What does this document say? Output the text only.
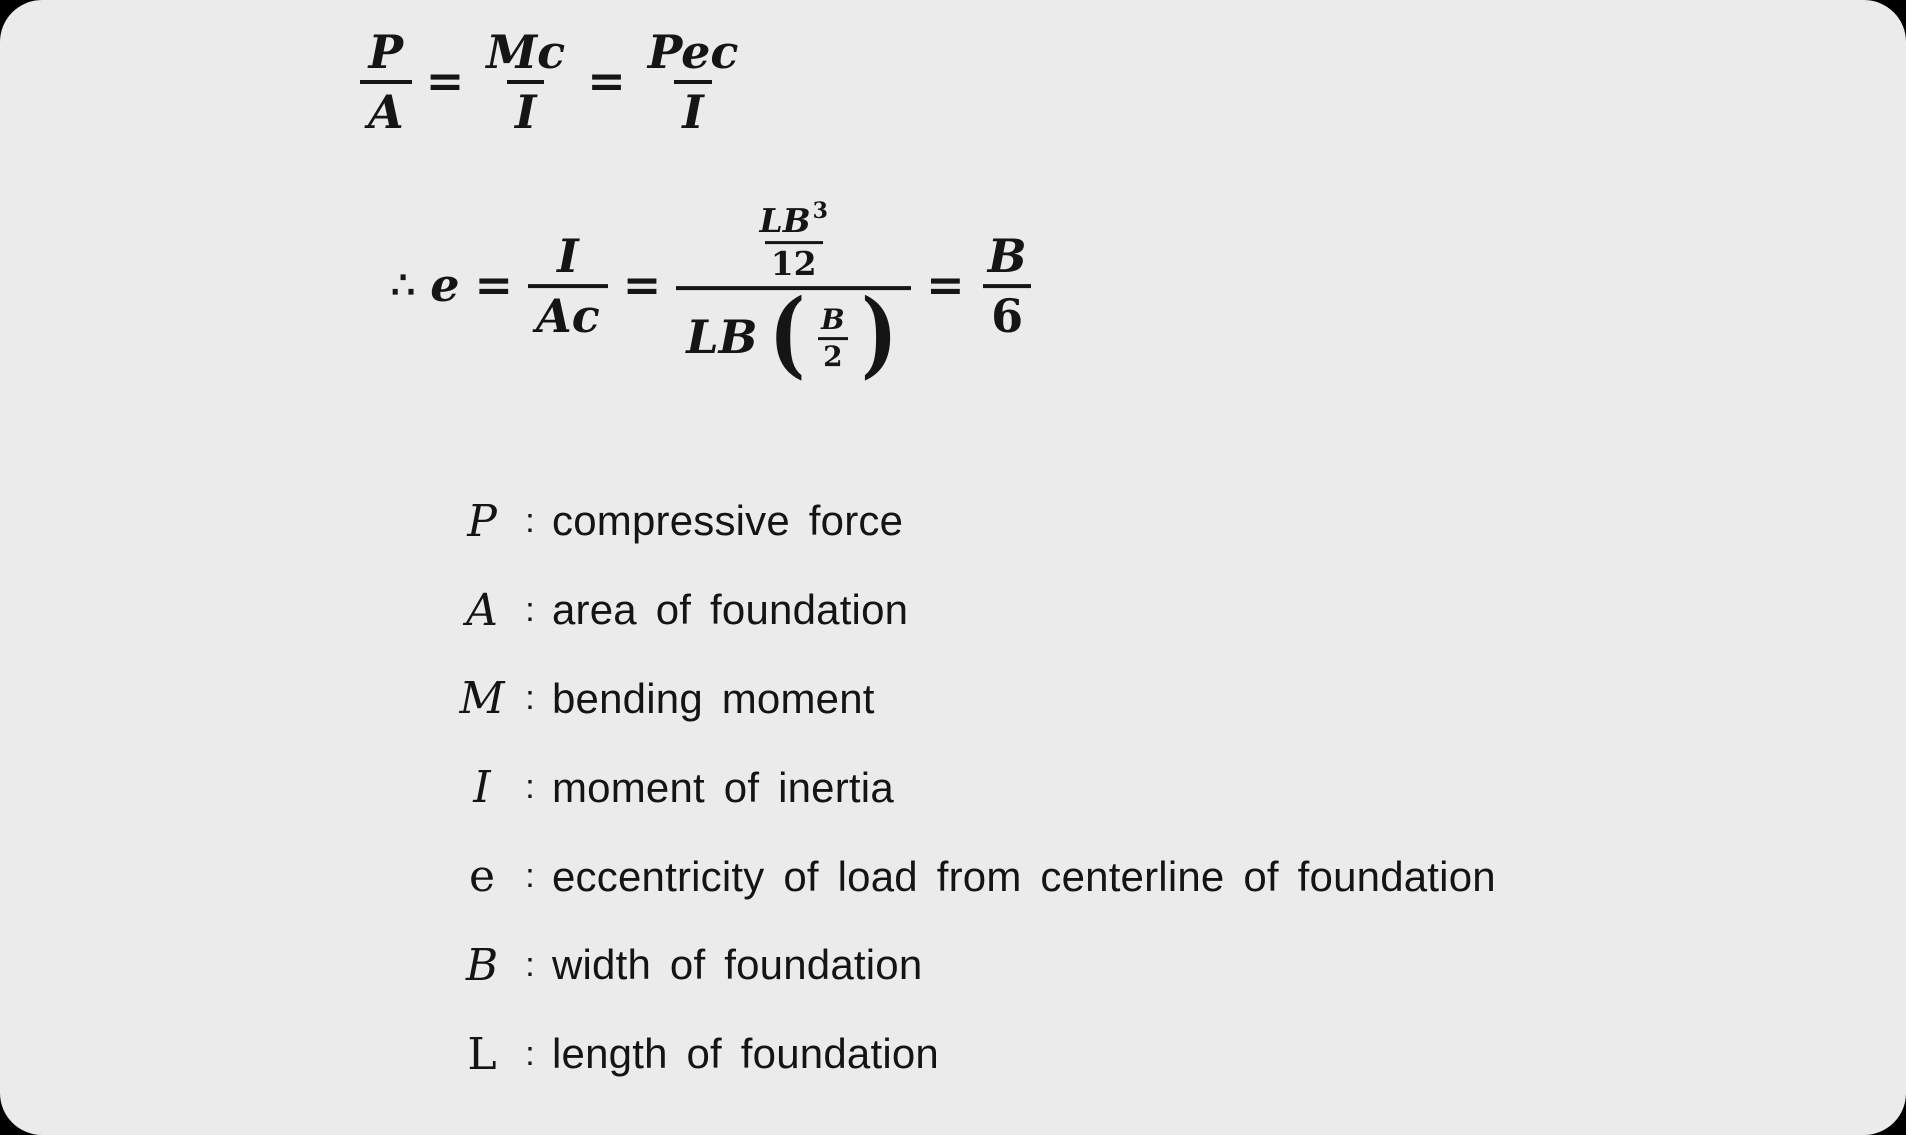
$\frac{P}{A} = \frac{Mc}{I} = \frac{\text{Pec}}{I}$
∴ $e = \frac{I}{Ac}$ =
$\frac{LB^3}{12}$
LB ( $\frac{B}{2}$ ) = $\frac{B}{6}$
P : compressive force
A : area of foundation
M : bending moment
I	: moment of inertia
e : eccentricity of load from centerline of foundation
B : width of foundation
L : length of foundation
